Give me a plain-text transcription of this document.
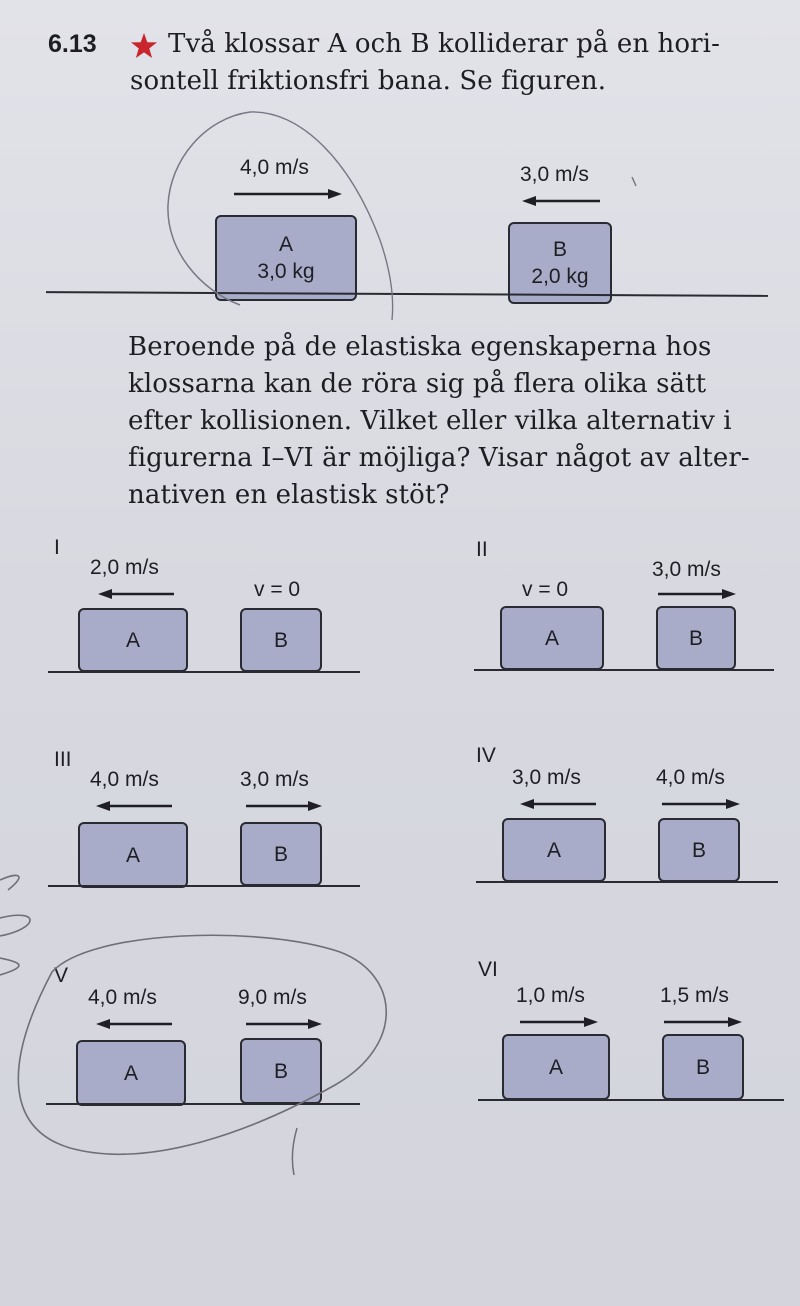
6.13	Två klossar A och B kolliderar på en hori-
sontell friktionsfri bana. Se figuren.

4,0 m/s	3,0 m/s
A
3,0 kg
B
2,0 kg

Beroende på de elastiska egenskaperna hos
klossarna kan de röra sig på flera olika sätt
efter kollisionen. Vilket eller vilka alternativ i
figurerna I–VI är möjliga? Visar något av alter-
nativen en elastisk stöt?

I
2,0 m/s
v = 0
A	B
II
v = 0
3,0 m/s
A	B
III
4,0 m/s	3,0 m/s
A	B
IV
3,0 m/s	4,0 m/s
A	B
V
4,0 m/s	9,0 m/s
A	B
VI
1,0 m/s	1,5 m/s
A	B
